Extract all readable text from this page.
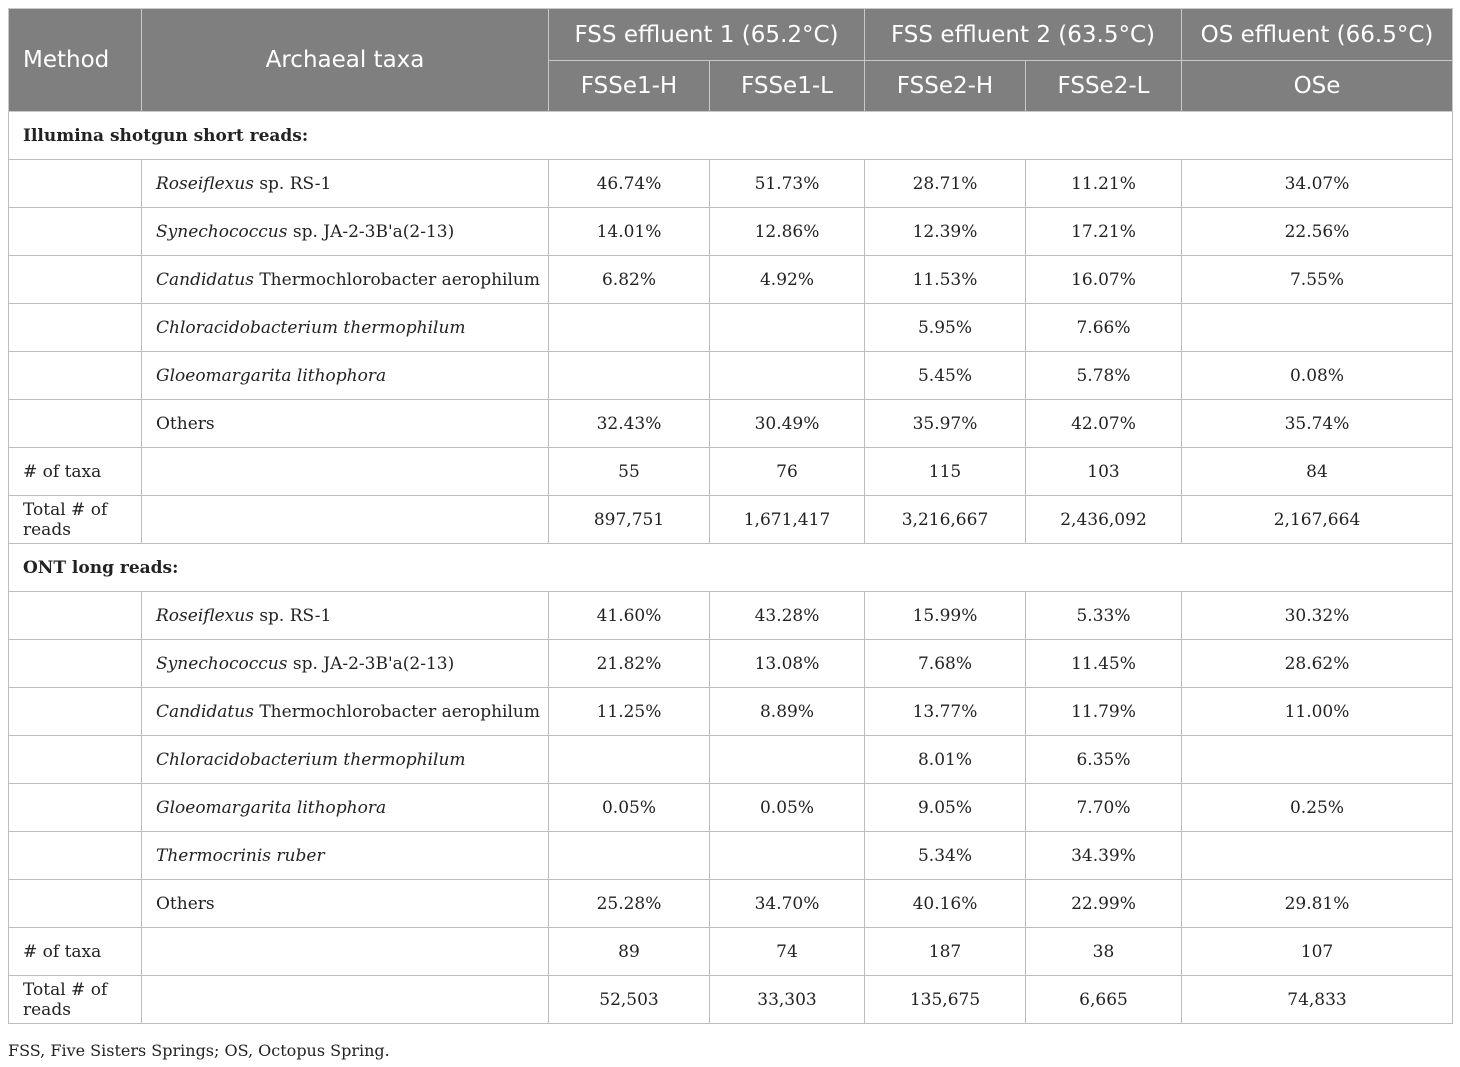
Method	Archaeal taxa	FSS effluent 1 (65.2°C)		FSS effluent 2 (63.5°C)		OS effluent (66.5°C)
		FSSe1-H	FSSe1-L	FSSe2-H	FSSe2-L	OSe
Illumina shotgun short reads:						
	Roseiflexus sp. RS-1	46.74%	51.73%	28.71%	11.21%	34.07%
	Synechococcus sp. JA-2-3B'a(2-13)	14.01%	12.86%	12.39%	17.21%	22.56%
	Candidatus Thermochlorobacter aerophilum	6.82%	4.92%	11.53%	16.07%	7.55%
	Chloracidobacterium thermophilum			5.95%	7.66%	
	Gloeomargarita lithophora			5.45%	5.78%	0.08%
	Others	32.43%	30.49%	35.97%	42.07%	35.74%
# of taxa		55	76	115	103	84
Total # of reads		897,751	1,671,417	3,216,667	2,436,092	2,167,664
ONT long reads:						
	Roseiflexus sp. RS-1	41.60%	43.28%	15.99%	5.33%	30.32%
	Synechococcus sp. JA-2-3B'a(2-13)	21.82%	13.08%	7.68%	11.45%	28.62%
	Candidatus Thermochlorobacter aerophilum	11.25%	8.89%	13.77%	11.79%	11.00%
	Chloracidobacterium thermophilum			8.01%	6.35%	
	Gloeomargarita lithophora	0.05%	0.05%	9.05%	7.70%	0.25%
	Thermocrinis ruber			5.34%	34.39%	
	Others	25.28%	34.70%	40.16%	22.99%	29.81%
# of taxa		89	74	187	38	107
Total # of reads		52,503	33,303	135,675	6,665	74,833
FSS, Five Sisters Springs; OS, Octopus Spring.
